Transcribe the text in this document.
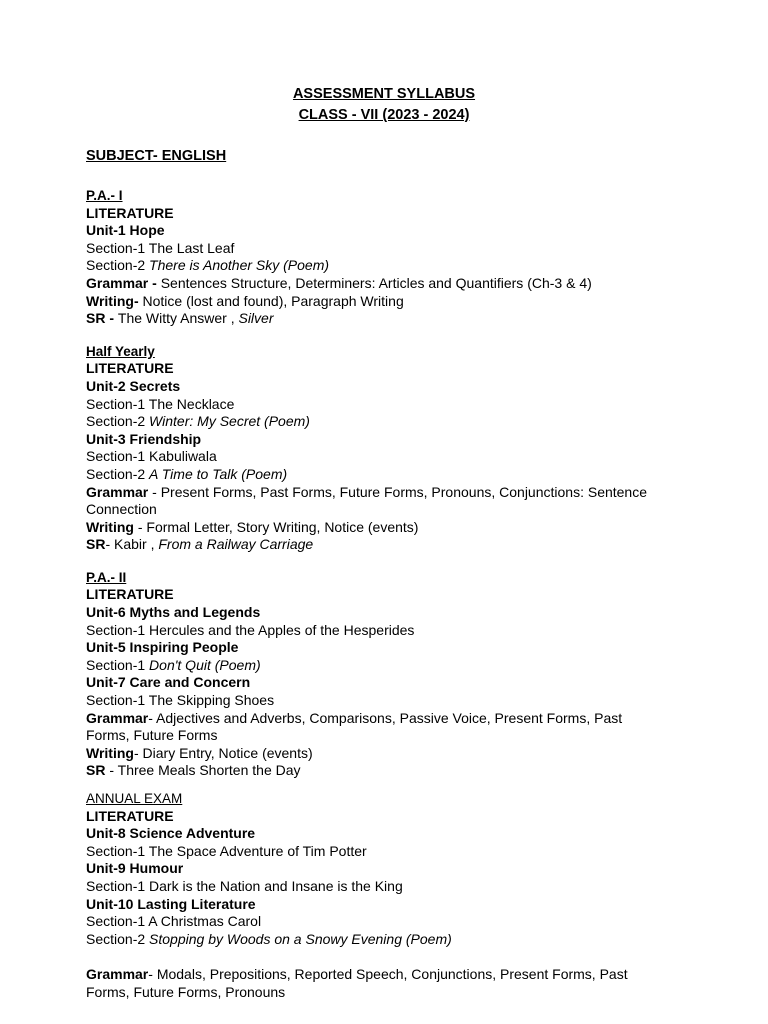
ASSESSMENT SYLLABUS
CLASS - VII (2023 - 2024)
SUBJECT- ENGLISH
P.A.- I
LITERATURE
Unit-1 Hope
Section-1 The Last Leaf
Section-2 There is Another Sky (Poem)
Grammar - Sentences Structure, Determiners: Articles and Quantifiers (Ch-3 & 4)
Writing- Notice (lost and found), Paragraph Writing
SR - The Witty Answer , Silver
Half Yearly
LITERATURE
Unit-2 Secrets
Section-1 The Necklace
Section-2 Winter: My Secret (Poem)
Unit-3 Friendship
Section-1 Kabuliwala
Section-2 A Time to Talk (Poem)
Grammar - Present Forms, Past Forms, Future Forms, Pronouns, Conjunctions: Sentence
Connection
Writing - Formal Letter, Story Writing, Notice (events)
SR- Kabir , From a Railway Carriage
P.A.- II
LITERATURE
Unit-6 Myths and Legends
Section-1 Hercules and the Apples of the Hesperides
Unit-5 Inspiring People
Section-1 Don't Quit (Poem)
Unit-7 Care and Concern
Section-1 The Skipping Shoes
Grammar- Adjectives and Adverbs, Comparisons, Passive Voice, Present Forms, Past
Forms, Future Forms
Writing- Diary Entry, Notice (events)
SR - Three Meals Shorten the Day
ANNUAL EXAM
LITERATURE
Unit-8 Science Adventure
Section-1 The Space Adventure of Tim Potter
Unit-9 Humour
Section-1 Dark is the Nation and Insane is the King
Unit-10 Lasting Literature
Section-1 A Christmas Carol
Section-2 Stopping by Woods on a Snowy Evening (Poem)
Grammar- Modals, Prepositions, Reported Speech, Conjunctions, Present Forms, Past
Forms, Future Forms, Pronouns
